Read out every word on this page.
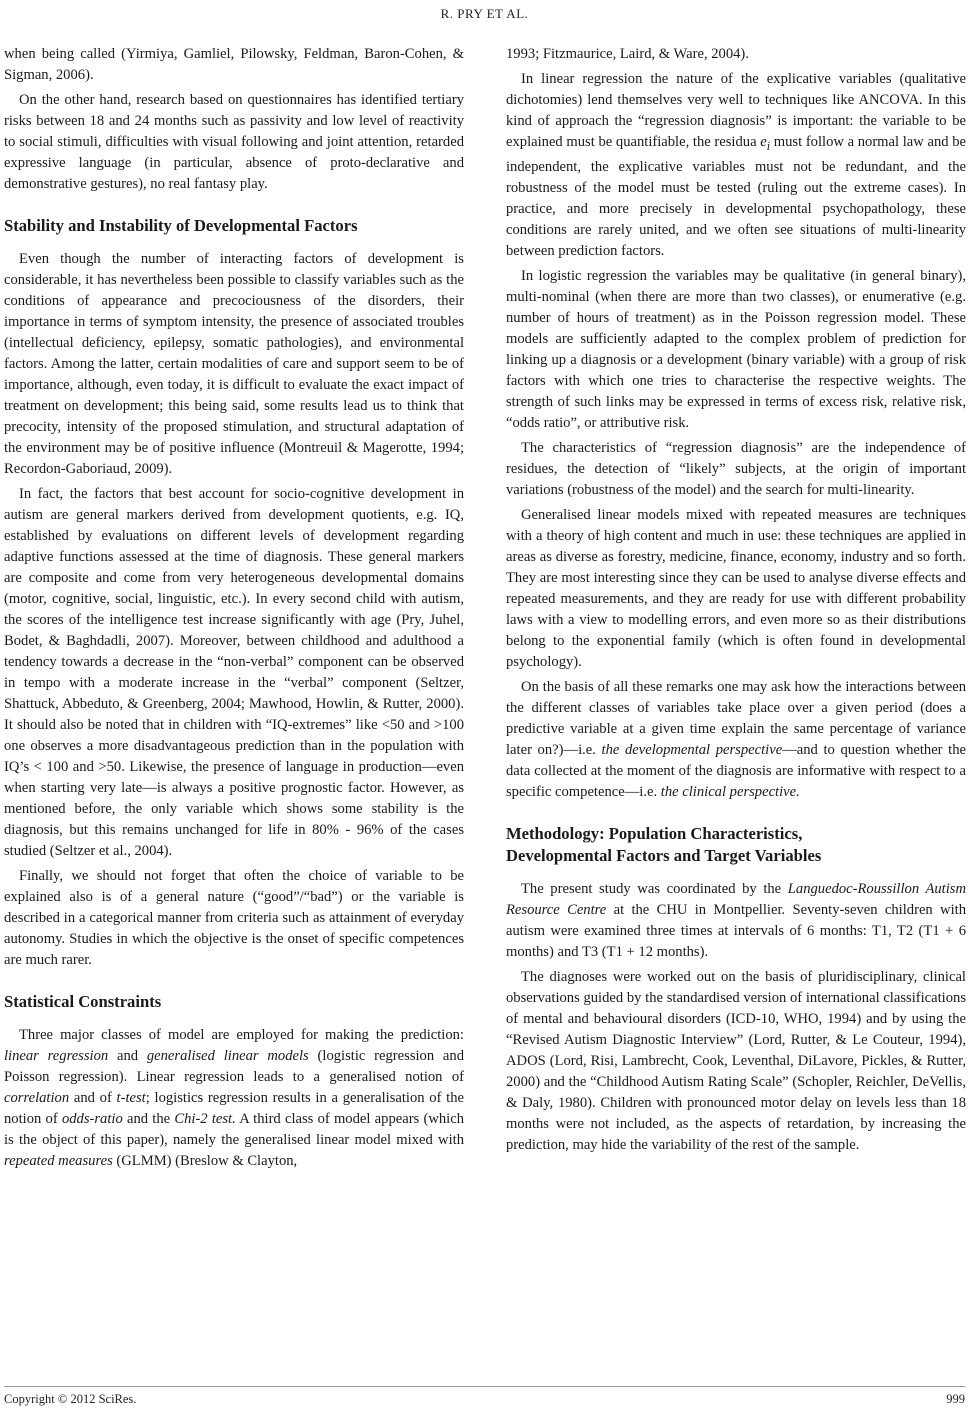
R. PRY ET AL.

when being called (Yirmiya, Gamliel, Pilowsky, Feldman, Baron-Cohen, & Sigman, 2006).

On the other hand, research based on questionnaires has identified tertiary risks between 18 and 24 months such as passivity and low level of reactivity to social stimuli, difficulties with visual following and joint attention, retarded expressive language (in particular, absence of proto-declarative and demonstrative gestures), no real fantasy play.

Stability and Instability of Developmental Factors

Even though the number of interacting factors of development is considerable, it has nevertheless been possible to classify variables such as the conditions of appearance and precociousness of the disorders, their importance in terms of symptom intensity, the presence of associated troubles (intellectual deficiency, epilepsy, somatic pathologies), and environmental factors. Among the latter, certain modalities of care and support seem to be of importance, although, even today, it is difficult to evaluate the exact impact of treatment on development; this being said, some results lead us to think that precocity, intensity of the proposed stimulation, and structural adaptation of the environment may be of positive influence (Montreuil & Magerotte, 1994; Recordon-Gaboriaud, 2009).

In fact, the factors that best account for socio-cognitive development in autism are general markers derived from development quotients, e.g. IQ, established by evaluations on different levels of development regarding adaptive functions assessed at the time of diagnosis. These general markers are composite and come from very heterogeneous developmental domains (motor, cognitive, social, linguistic, etc.). In every second child with autism, the scores of the intelligence test increase significantly with age (Pry, Juhel, Bodet, & Baghdadli, 2007). Moreover, between childhood and adulthood a tendency towards a decrease in the “non-verbal” component can be observed in tempo with a moderate increase in the “verbal” component (Seltzer, Shattuck, Abbeduto, & Greenberg, 2004; Mawhood, Howlin, & Rutter, 2000). It should also be noted that in children with “IQ-extremes” like <50 and >100 one observes a more disadvantageous prediction than in the population with IQ’s < 100 and >50. Likewise, the presence of language in production—even when starting very late—is always a positive prognostic factor. However, as mentioned before, the only variable which shows some stability is the diagnosis, but this remains unchanged for life in 80% - 96% of the cases studied (Seltzer et al., 2004).

Finally, we should not forget that often the choice of variable to be explained also is of a general nature (“good”/“bad”) or the variable is described in a categorical manner from criteria such as attainment of everyday autonomy. Studies in which the objective is the onset of specific competences are much rarer.

Statistical Constraints

Three major classes of model are employed for making the prediction: linear regression and generalised linear models (logistic regression and Poisson regression). Linear regression leads to a generalised notion of correlation and of t-test; logistics regression results in a generalisation of the notion of odds-ratio and the Chi-2 test. A third class of model appears (which is the object of this paper), namely the generalised linear model mixed with repeated measures (GLMM) (Breslow & Clayton,

1993; Fitzmaurice, Laird, & Ware, 2004).

In linear regression the nature of the explicative variables (qualitative dichotomies) lend themselves very well to techniques like ANCOVA. In this kind of approach the “regression diagnosis” is important: the variable to be explained must be quantifiable, the residua $e_i$ must follow a normal law and be independent, the explicative variables must not be redundant, and the robustness of the model must be tested (ruling out the extreme cases). In practice, and more precisely in developmental psychopathology, these conditions are rarely united, and we often see situations of multi-linearity between prediction factors.

In logistic regression the variables may be qualitative (in general binary), multi-nominal (when there are more than two classes), or enumerative (e.g. number of hours of treatment) as in the Poisson regression model. These models are sufficiently adapted to the complex problem of prediction for linking up a diagnosis or a development (binary variable) with a group of risk factors with which one tries to characterise the respective weights. The strength of such links may be expressed in terms of excess risk, relative risk, “odds ratio”, or attributive risk.

The characteristics of “regression diagnosis” are the independence of residues, the detection of “likely” subjects, at the origin of important variations (robustness of the model) and the search for multi-linearity.

Generalised linear models mixed with repeated measures are techniques with a theory of high content and much in use: these techniques are applied in areas as diverse as forestry, medicine, finance, economy, industry and so forth. They are most interesting since they can be used to analyse diverse effects and repeated measurements, and they are ready for use with different probability laws with a view to modelling errors, and even more so as their distributions belong to the exponential family (which is often found in developmental psychology).

On the basis of all these remarks one may ask how the interactions between the different classes of variables take place over a given period (does a predictive variable at a given time explain the same percentage of variance later on?)—i.e. the developmental perspective—and to question whether the data collected at the moment of the diagnosis are informative with respect to a specific competence—i.e. the clinical perspective.

Methodology: Population Characteristics,
Developmental Factors and Target Variables

The present study was coordinated by the Languedoc-Roussillon Autism Resource Centre at the CHU in Montpellier. Seventy-seven children with autism were examined three times at intervals of 6 months: T1, T2 (T1 + 6 months) and T3 (T1 + 12 months).

The diagnoses were worked out on the basis of pluridisciplinary, clinical observations guided by the standardised version of international classifications of mental and behavioural disorders (ICD-10, WHO, 1994) and by using the “Revised Autism Diagnostic Interview” (Lord, Rutter, & Le Couteur, 1994), ADOS (Lord, Risi, Lambrecht, Cook, Leventhal, DiLavore, Pickles, & Rutter, 2000) and the “Childhood Autism Rating Scale” (Schopler, Reichler, DeVellis, & Daly, 1980). Children with pronounced motor delay on levels less than 18 months were not included, as the aspects of retardation, by increasing the prediction, may hide the variability of the rest of the sample.

Copyright © 2012 SciRes.	999
